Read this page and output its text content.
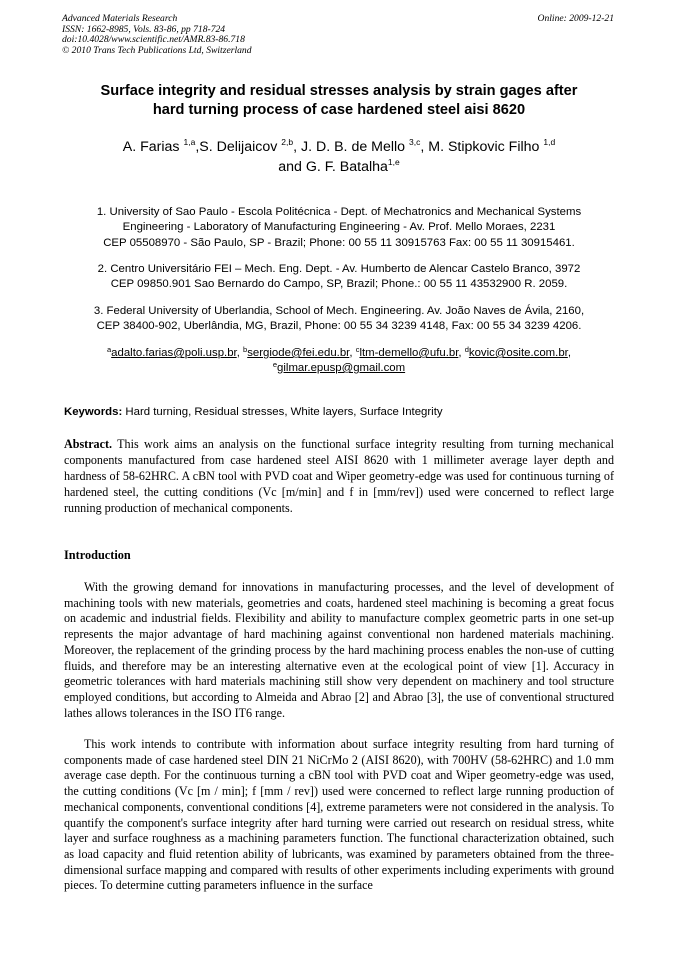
Advanced Materials Research
ISSN: 1662-8985, Vols. 83-86, pp 718-724
doi:10.4028/www.scientific.net/AMR.83-86.718
© 2010 Trans Tech Publications Ltd, Switzerland
Online: 2009-12-21
Surface integrity and residual stresses analysis by strain gages after
hard turning process of case hardened steel aisi 8620
A. Farias $^{1,a}$,S. Delijaicov $^{2,b}$, J. D. B. de Mello $^{3,c}$, M. Stipkovic Filho $^{1,d}$
and G. F. Batalha$^{1,e}$
1. University of Sao Paulo - Escola Politécnica - Dept. of Mechatronics and Mechanical Systems
Engineering - Laboratory of Manufacturing Engineering - Av. Prof. Mello Moraes, 2231
CEP 05508970 - São Paulo, SP - Brazil; Phone: 00 55 11 30915763 Fax: 00 55 11 30915461.
2. Centro Universitário FEI – Mech. Eng. Dept. - Av. Humberto de Alencar Castelo Branco, 3972
CEP 09850.901 Sao Bernardo do Campo, SP, Brazil; Phone.: 00 55 11 43532900 R. 2059.
3. Federal University of Uberlandia, School of Mech. Engineering. Av. João Naves de Ávila, 2160,
CEP 38400-902, Uberlândia, MG, Brazil, Phone: 00 55 34 3239 4148, Fax: 00 55 34 3239 4206.
$^a$adalto.farias@poli.usp.br, $^b$sergiode@fei.edu.br, $^c$ltm-demello@ufu.br, $^d$kovic@osite.com.br,
$^e$gilmar.epusp@gmail.com
Keywords: Hard turning, Residual stresses, White layers, Surface Integrity
Abstract. This work aims an analysis on the functional surface integrity resulting from turning mechanical components manufactured from case hardened steel AISI 8620 with 1 millimeter average layer depth and hardness of 58-62HRC. A cBN tool with PVD coat and Wiper geometry-edge was used for continuous turning of hardened steel, the cutting conditions (Vc [m/min] and f in [mm/rev]) used were concerned to reflect large running production of mechanical components.
Introduction
With the growing demand for innovations in manufacturing processes, and the level of development of machining tools with new materials, geometries and coats, hardened steel machining is becoming a great focus on academic and industrial fields. Flexibility and ability to manufacture complex geometric parts in one set-up represents the major advantage of hard machining against conventional non hardened materials machining. Moreover, the replacement of the grinding process by the hard machining process enables the non-use of cutting fluids, and therefore may be an interesting alternative even at the ecological point of view [1]. Accuracy in geometric tolerances with hard materials machining still show very dependent on machinery and tool structure employed conditions, but according to Almeida and Abrao [2] and Abrao [3], the use of conventional structured lathes allows tolerances in the ISO IT6 range.
This work intends to contribute with information about surface integrity resulting from hard turning of components made of case hardened steel DIN 21 NiCrMo 2 (AISI 8620), with 700HV (58-62HRC) and 1.0 mm average case depth. For the continuous turning a cBN tool with PVD coat and Wiper geometry-edge was used, the cutting conditions (Vc [m / min]; f [mm / rev]) used were concerned to reflect large running production of mechanical components, conventional conditions [4], extreme parameters were not considered in the analysis. To quantify the component's surface integrity after hard turning were carried out research on residual stress, white layer and surface roughness as a machining parameters function. The functional characterization obtained, such as load capacity and fluid retention ability of lubricants, was examined by parameters obtained from the three-dimensional surface mapping and compared with results of other experiments including experiments with ground pieces. To determine cutting parameters influence in the surface
